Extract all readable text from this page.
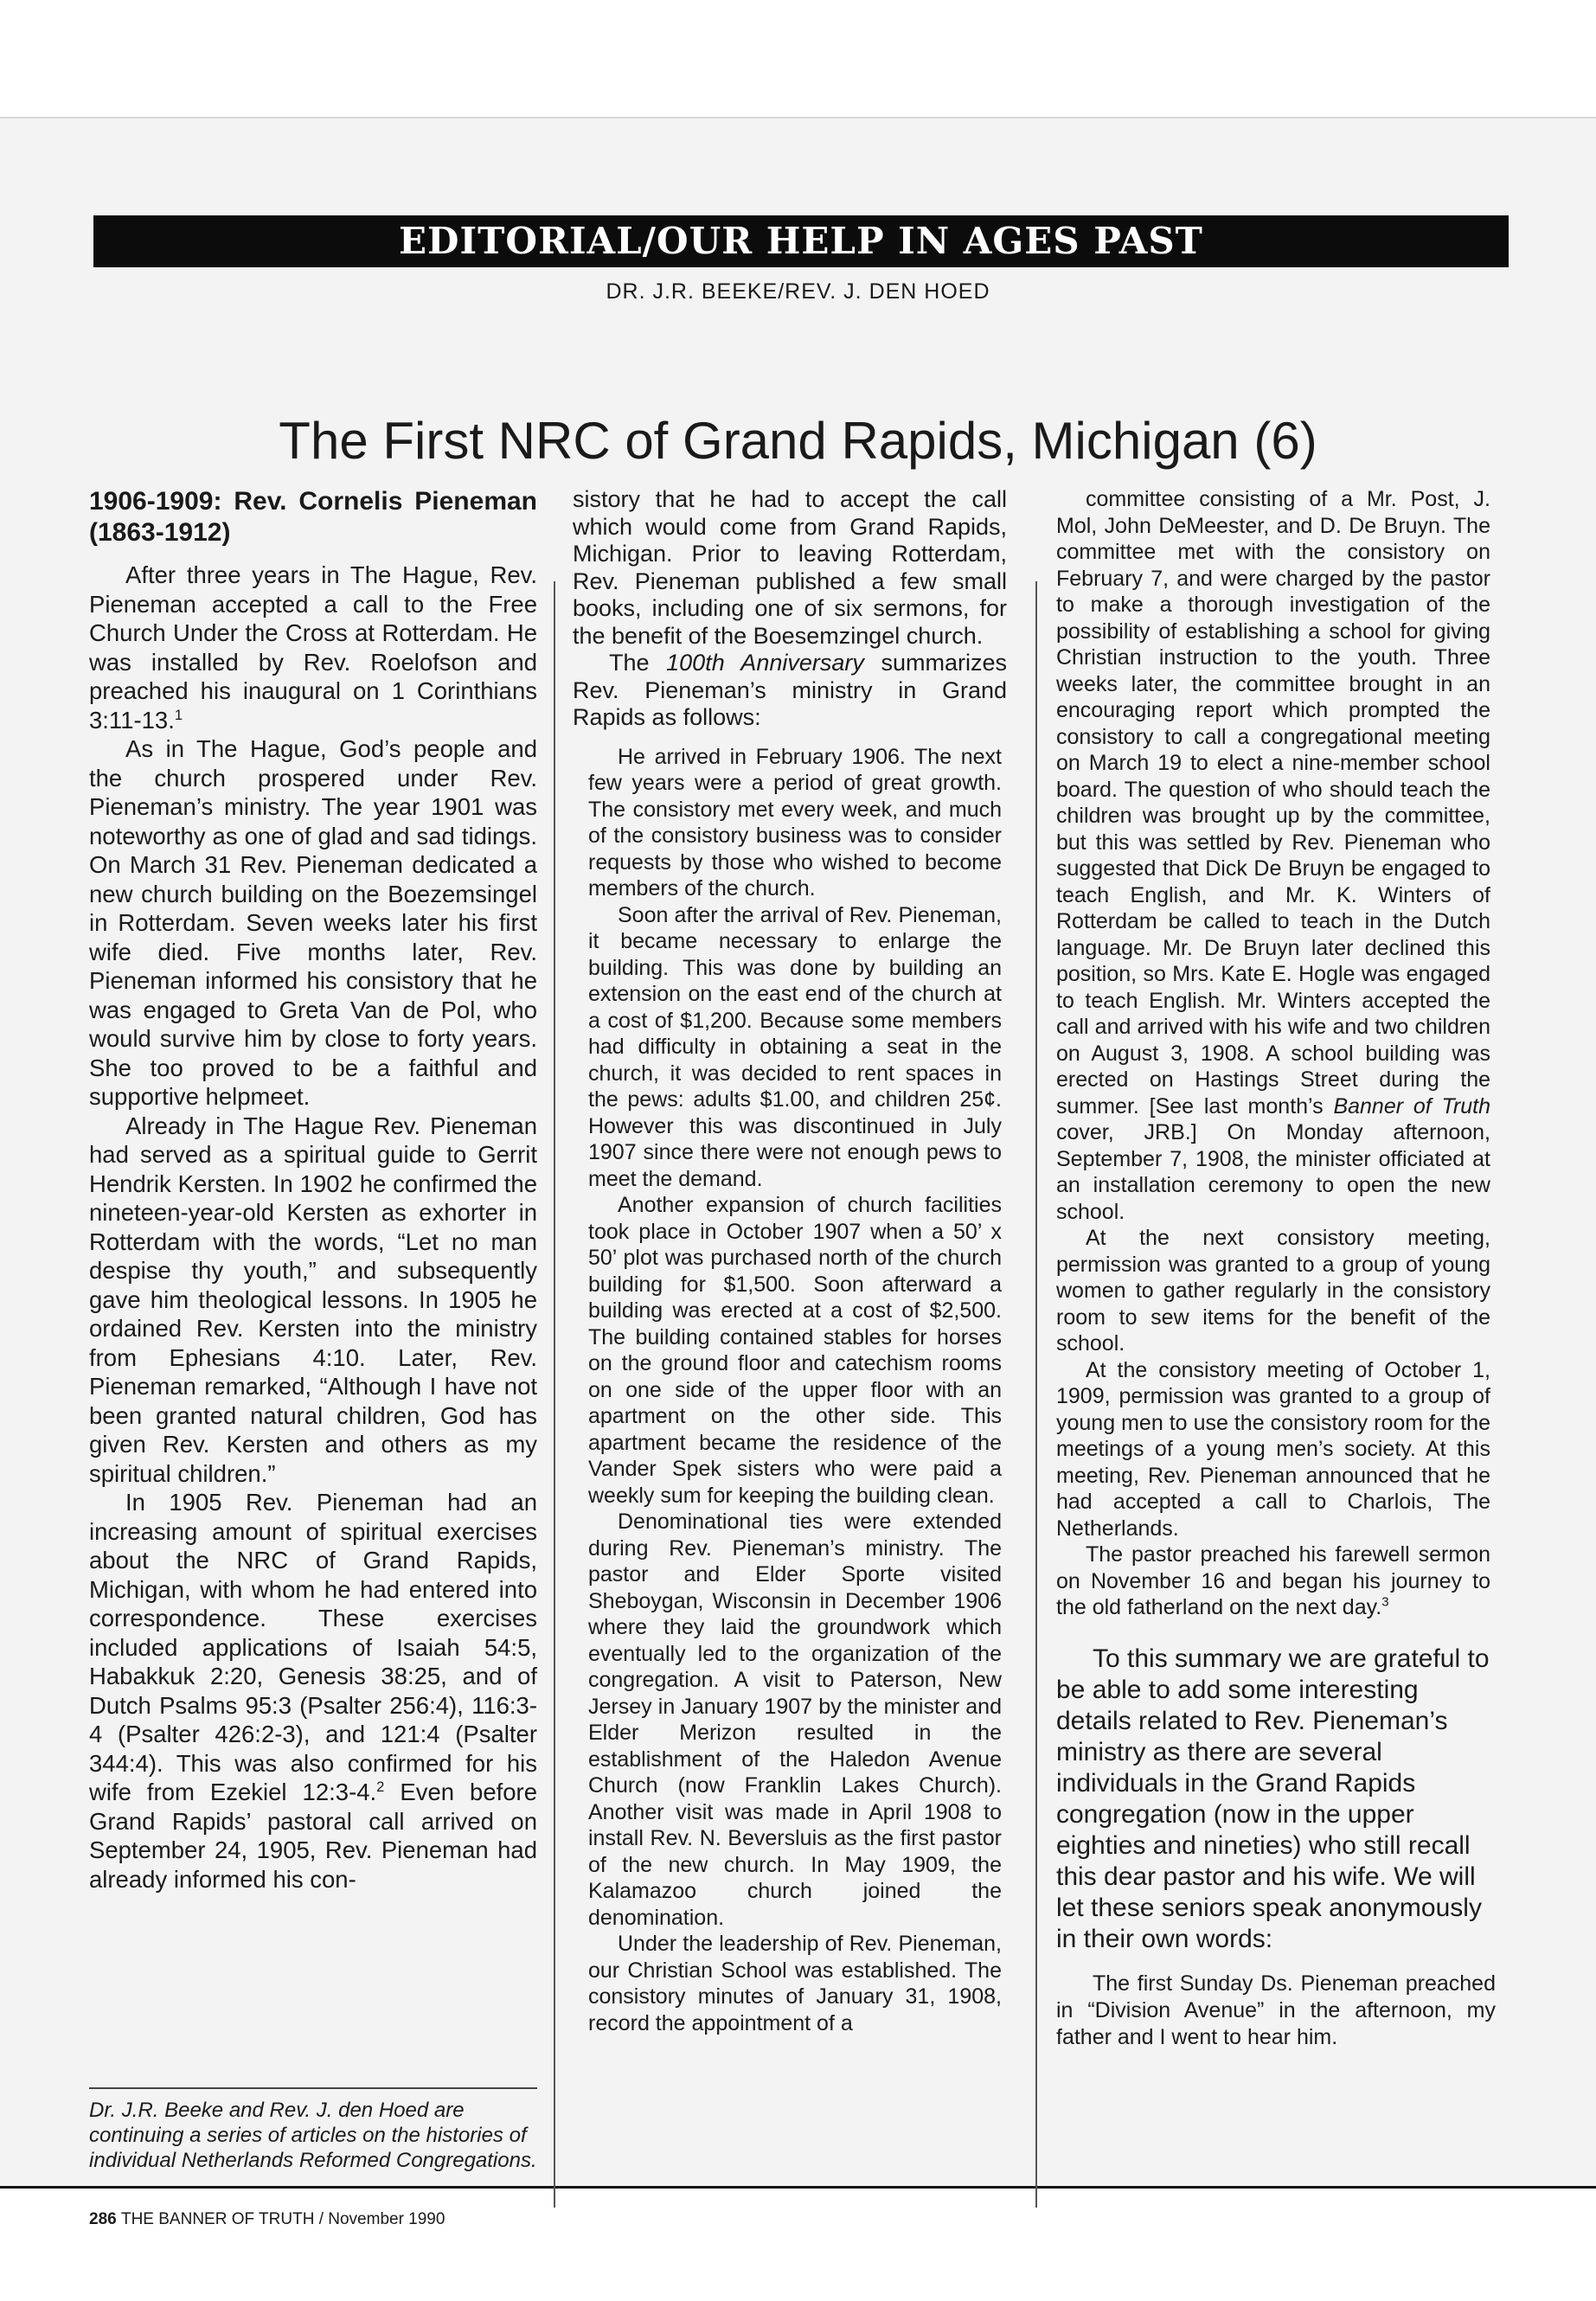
EDITORIAL/OUR HELP IN AGES PAST
DR. J.R. BEEKE/REV. J. DEN HOED
The First NRC of Grand Rapids, Michigan (6)
1906-1909: Rev. Cornelis Pieneman (1863-1912)

After three years in The Hague, Rev. Pieneman accepted a call to the Free Church Under the Cross at Rotterdam. He was installed by Rev. Roelofson and preached his inaugural on 1 Corinthians 3:11-13.$^1$

As in The Hague, God’s people and the church prospered under Rev. Pieneman’s ministry. The year 1901 was noteworthy as one of glad and sad tidings. On March 31 Rev. Pieneman dedicated a new church building on the Boezemsingel in Rotterdam. Seven weeks later his first wife died. Five months later, Rev. Pieneman informed his consistory that he was engaged to Greta Van de Pol, who would survive him by close to forty years. She too proved to be a faithful and supportive helpmeet.

Already in The Hague Rev. Pieneman had served as a spiritual guide to Gerrit Hendrik Kersten. In 1902 he confirmed the nineteen-year-old Kersten as exhorter in Rotterdam with the words, “Let no man despise thy youth,” and subsequently gave him theological lessons. In 1905 he ordained Rev. Kersten into the ministry from Ephesians 4:10. Later, Rev. Pieneman remarked, “Although I have not been granted natural children, God has given Rev. Kersten and others as my spiritual children.”

In 1905 Rev. Pieneman had an increasing amount of spiritual exercises about the NRC of Grand Rapids, Michigan, with whom he had entered into correspondence. These exercises included applications of Isaiah 54:5, Habakkuk 2:20, Genesis 38:25, and of Dutch Psalms 95:3 (Psalter 256:4), 116:3-4 (Psalter 426:2-3), and 121:4 (Psalter 344:4). This was also confirmed for his wife from Ezekiel 12:3-4.$^2$ Even before Grand Rapids’ pastoral call arrived on September 24, 1905, Rev. Pieneman had already informed his con-

Dr. J.R. Beeke and Rev. J. den Hoed are continuing a series of articles on the histories of individual Netherlands Reformed Congregations.
286 THE BANNER OF TRUTH / November 1990

sistory that he had to accept the call which would come from Grand Rapids, Michigan. Prior to leaving Rotterdam, Rev. Pieneman published a few small books, including one of six sermons, for the benefit of the Boesemzingel church.

The 100th Anniversary summarizes Rev. Pieneman’s ministry in Grand Rapids as follows:

He arrived in February 1906. The next few years were a period of great growth. The consistory met every week, and much of the consistory business was to consider requests by those who wished to become members of the church.

Soon after the arrival of Rev. Pieneman, it became necessary to enlarge the building. This was done by building an extension on the east end of the church at a cost of $1,200. Because some members had difficulty in obtaining a seat in the church, it was decided to rent spaces in the pews: adults $1.00, and children 25¢. However this was discontinued in July 1907 since there were not enough pews to meet the demand.

Another expansion of church facilities took place in October 1907 when a 50’ x 50’ plot was purchased north of the church building for $1,500. Soon afterward a building was erected at a cost of $2,500. The building contained stables for horses on the ground floor and catechism rooms on one side of the upper floor with an apartment on the other side. This apartment became the residence of the Vander Spek sisters who were paid a weekly sum for keeping the building clean.

Denominational ties were extended during Rev. Pieneman’s ministry. The pastor and Elder Sporte visited Sheboygan, Wisconsin in December 1906 where they laid the groundwork which eventually led to the organization of the congregation. A visit to Paterson, New Jersey in January 1907 by the minister and Elder Merizon resulted in the establishment of the Haledon Avenue Church (now Franklin Lakes Church). Another visit was made in April 1908 to install Rev. N. Beversluis as the first pastor of the new church. In May 1909, the Kalamazoo church joined the denomination.

Under the leadership of Rev. Pieneman, our Christian School was established. The consistory minutes of January 31, 1908, record the appointment of a

committee consisting of a Mr. Post, J. Mol, John DeMeester, and D. De Bruyn. The committee met with the consistory on February 7, and were charged by the pastor to make a thorough investigation of the possibility of establishing a school for giving Christian instruction to the youth. Three weeks later, the committee brought in an encouraging report which prompted the consistory to call a congregational meeting on March 19 to elect a nine-member school board. The question of who should teach the children was brought up by the committee, but this was settled by Rev. Pieneman who suggested that Dick De Bruyn be engaged to teach English, and Mr. K. Winters of Rotterdam be called to teach in the Dutch language. Mr. De Bruyn later declined this position, so Mrs. Kate E. Hogle was engaged to teach English. Mr. Winters accepted the call and arrived with his wife and two children on August 3, 1908. A school building was erected on Hastings Street during the summer. [See last month’s Banner of Truth cover, JRB.] On Monday afternoon, September 7, 1908, the minister officiated at an installation ceremony to open the new school.

At the next consistory meeting, permission was granted to a group of young women to gather regularly in the consistory room to sew items for the benefit of the school.

At the consistory meeting of October 1, 1909, permission was granted to a group of young men to use the consistory room for the meetings of a young men’s society. At this meeting, Rev. Pieneman announced that he had accepted a call to Charlois, The Netherlands.

The pastor preached his farewell sermon on November 16 and began his journey to the old fatherland on the next day.$^3$

To this summary we are grateful to be able to add some interesting details related to Rev. Pieneman’s ministry as there are several individuals in the Grand Rapids congregation (now in the upper eighties and nineties) who still recall this dear pastor and his wife. We will let these seniors speak anonymously in their own words:

The first Sunday Ds. Pieneman preached in “Division Avenue” in the afternoon, my father and I went to hear him.
